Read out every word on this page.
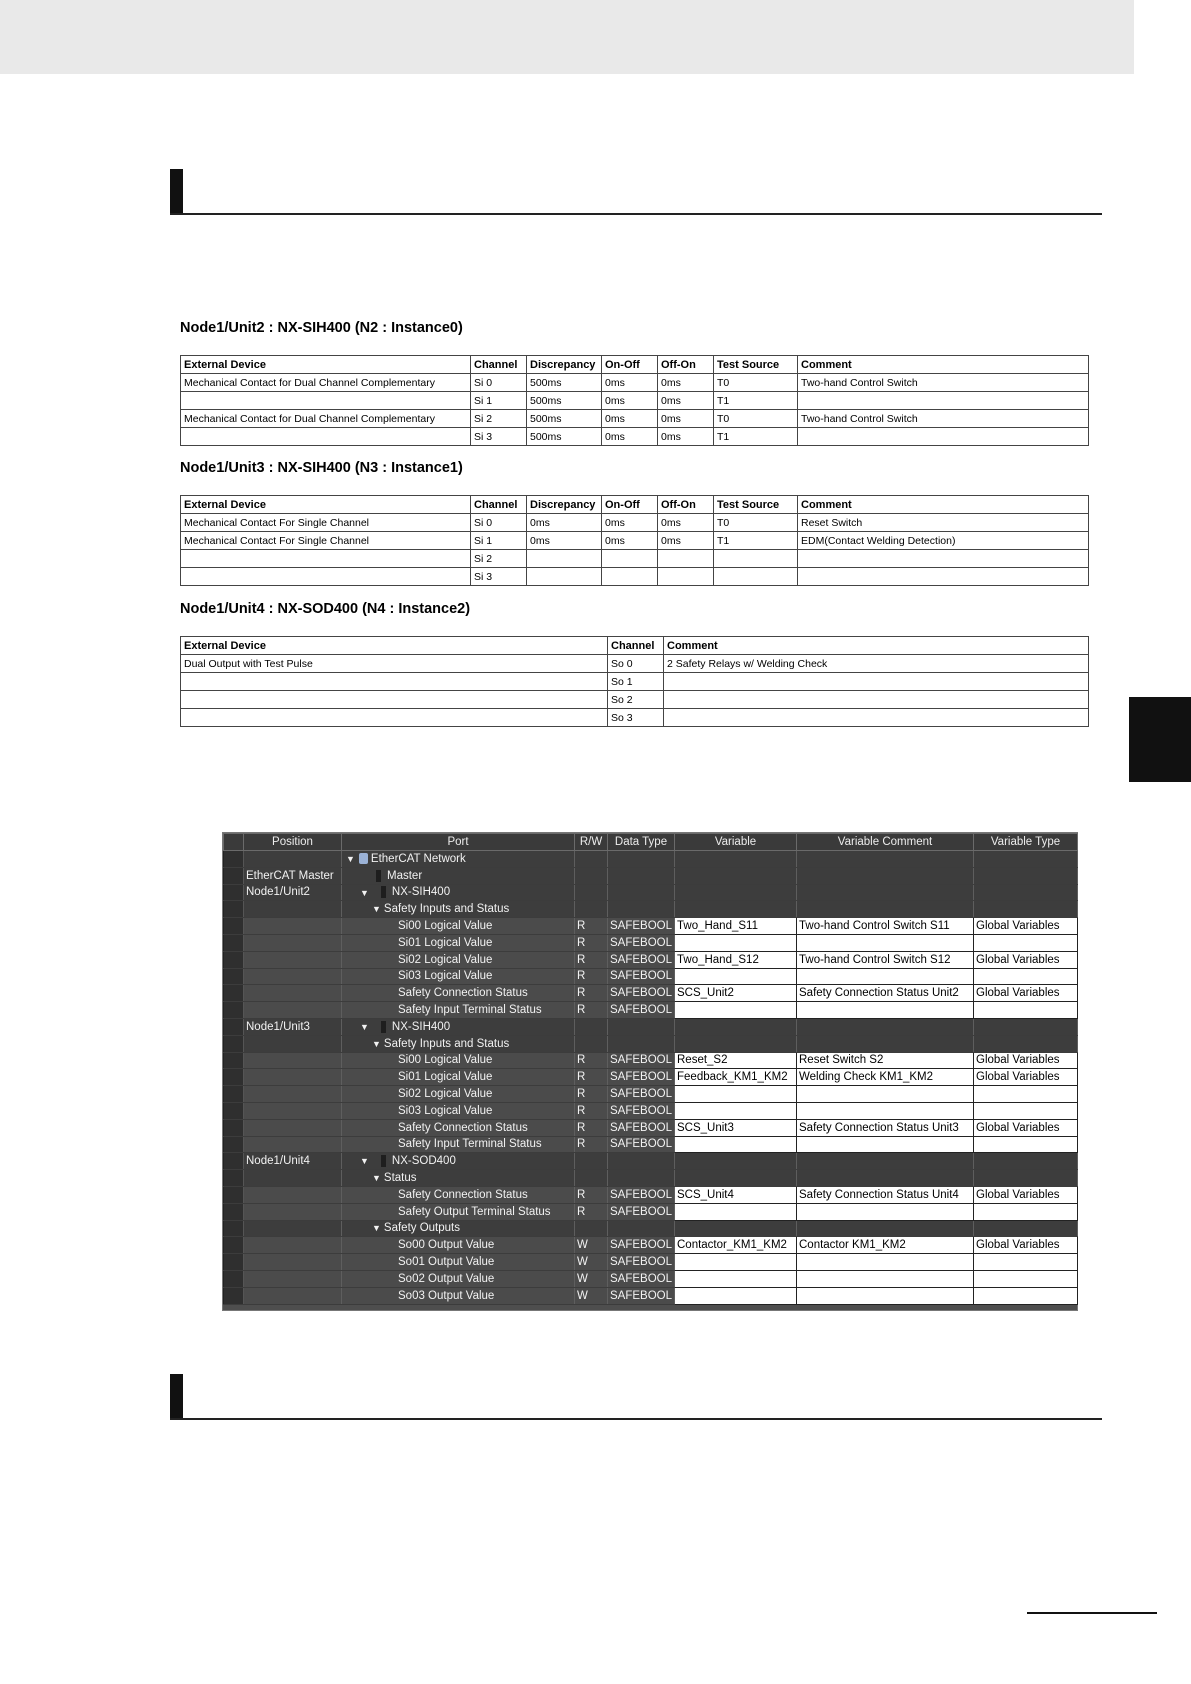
Node1/Unit2 : NX-SIH400 (N2 : Instance0)
External Device	Channel	Discrepancy	On-Off	Off-On	Test Source	Comment
Mechanical Contact for Dual Channel Complementary	Si 0	500ms	0ms	0ms	T0	Two-hand Control Switch
	Si 1	500ms	0ms	0ms	T1	
Mechanical Contact for Dual Channel Complementary	Si 2	500ms	0ms	0ms	T0	Two-hand Control Switch
	Si 3	500ms	0ms	0ms	T1	
Node1/Unit3 : NX-SIH400 (N3 : Instance1)
External Device	Channel	Discrepancy	On-Off	Off-On	Test Source	Comment
Mechanical Contact For Single Channel	Si 0	0ms	0ms	0ms	T0	Reset Switch
Mechanical Contact For Single Channel	Si 1	0ms	0ms	0ms	T1	EDM(Contact Welding Detection)
	Si 2					
	Si 3					
Node1/Unit4 : NX-SOD400 (N4 : Instance2)
External Device	Channel	Comment
Dual Output with Test Pulse	So 0	2 Safety Relays w/ Welding Check
	So 1	
	So 2	
	So 3	
	Position	Port	R/W	Data Type	Variable	Variable Comment	Variable Type
		▼ EtherCAT Network					
	EtherCAT Master	Master					
	Node1/Unit2	▼ NX-SIH400					
		▼ Safety Inputs and Status					
		Si00 Logical Value	R	SAFEBOOL	Two_Hand_S11	Two-hand Control Switch S11	Global Variables
		Si01 Logical Value	R	SAFEBOOL			
		Si02 Logical Value	R	SAFEBOOL	Two_Hand_S12	Two-hand Control Switch S12	Global Variables
		Si03 Logical Value	R	SAFEBOOL			
		Safety Connection Status	R	SAFEBOOL	SCS_Unit2	Safety Connection Status Unit2	Global Variables
		Safety Input Terminal Status	R	SAFEBOOL			
	Node1/Unit3	▼ NX-SIH400					
		▼ Safety Inputs and Status					
		Si00 Logical Value	R	SAFEBOOL	Reset_S2	Reset Switch S2	Global Variables
		Si01 Logical Value	R	SAFEBOOL	Feedback_KM1_KM2	Welding Check KM1_KM2	Global Variables
		Si02 Logical Value	R	SAFEBOOL			
		Si03 Logical Value	R	SAFEBOOL			
		Safety Connection Status	R	SAFEBOOL	SCS_Unit3	Safety Connection Status Unit3	Global Variables
		Safety Input Terminal Status	R	SAFEBOOL			
	Node1/Unit4	▼ NX-SOD400					
		▼ Status					
		Safety Connection Status	R	SAFEBOOL	SCS_Unit4	Safety Connection Status Unit4	Global Variables
		Safety Output Terminal Status	R	SAFEBOOL			
		▼ Safety Outputs					
		So00 Output Value	W	SAFEBOOL	Contactor_KM1_KM2	Contactor KM1_KM2	Global Variables
		So01 Output Value	W	SAFEBOOL			
		So02 Output Value	W	SAFEBOOL			
		So03 Output Value	W	SAFEBOOL			
